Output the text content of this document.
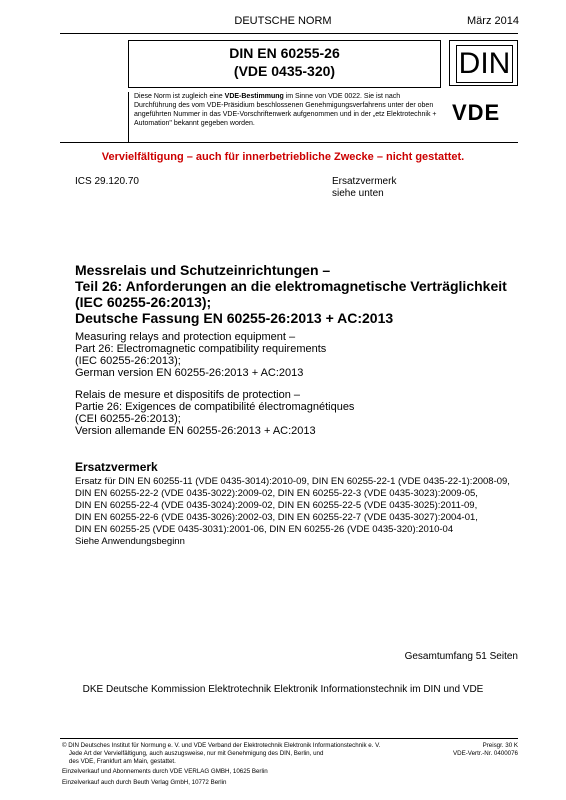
DEUTSCHE NORM	März 2014
DIN EN 60255-26
(VDE 0435-320)	DIN
Diese Norm ist zugleich eine VDE-Bestimmung im Sinne von VDE 0022. Sie ist nach Durchführung des vom VDE-Präsidium beschlossenen Genehmigungsverfahrens unter der oben angeführten Nummer in das VDE-Vorschriftenwerk aufgenommen und in der „etz Elektrotechnik + Automation" bekannt gegeben worden.	VDE
Vervielfältigung – auch für innerbetriebliche Zwecke – nicht gestattet.
ICS 29.120.70	Ersatzvermerk
siehe unten
Messrelais und Schutzeinrichtungen –
Teil 26: Anforderungen an die elektromagnetische Verträglichkeit
(IEC 60255-26:2013);
Deutsche Fassung EN 60255-26:2013 + AC:2013
Measuring relays and protection equipment –
Part 26: Electromagnetic compatibility requirements
(IEC 60255-26:2013);
German version EN 60255-26:2013 + AC:2013
Relais de mesure et dispositifs de protection –
Partie 26: Exigences de compatibilité électromagnétiques
(CEI 60255-26:2013);
Version allemande EN 60255-26:2013 + AC:2013
Ersatzvermerk
Ersatz für DIN EN 60255-11 (VDE 0435-3014):2010-09, DIN EN 60255-22-1 (VDE 0435-22-1):2008-09,
DIN EN 60255-22-2 (VDE 0435-3022):2009-02, DIN EN 60255-22-3 (VDE 0435-3023):2009-05,
DIN EN 60255-22-4 (VDE 0435-3024):2009-02, DIN EN 60255-22-5 (VDE 0435-3025):2011-09,
DIN EN 60255-22-6 (VDE 0435-3026):2002-03, DIN EN 60255-22-7 (VDE 0435-3027):2004-01,
DIN EN 60255-25 (VDE 0435-3031):2001-06, DIN EN 60255-26 (VDE 0435-320):2010-04
Siehe Anwendungsbeginn
Gesamtumfang 51 Seiten
DKE Deutsche Kommission Elektrotechnik Elektronik Informationstechnik im DIN und VDE
© DIN Deutsches Institut für Normung e. V. und VDE Verband der Elektrotechnik Elektronik Informationstechnik e. V.
Jede Art der Vervielfältigung, auch auszugsweise, nur mit Genehmigung des DIN, Berlin, und
des VDE, Frankfurt am Main, gestattet.
Einzelverkauf und Abonnements durch VDE VERLAG GMBH, 10625 Berlin
Einzelverkauf auch durch Beuth Verlag GmbH, 10772 Berlin
Preisgr. 30 K
VDE-Vertr.-Nr. 0400076
